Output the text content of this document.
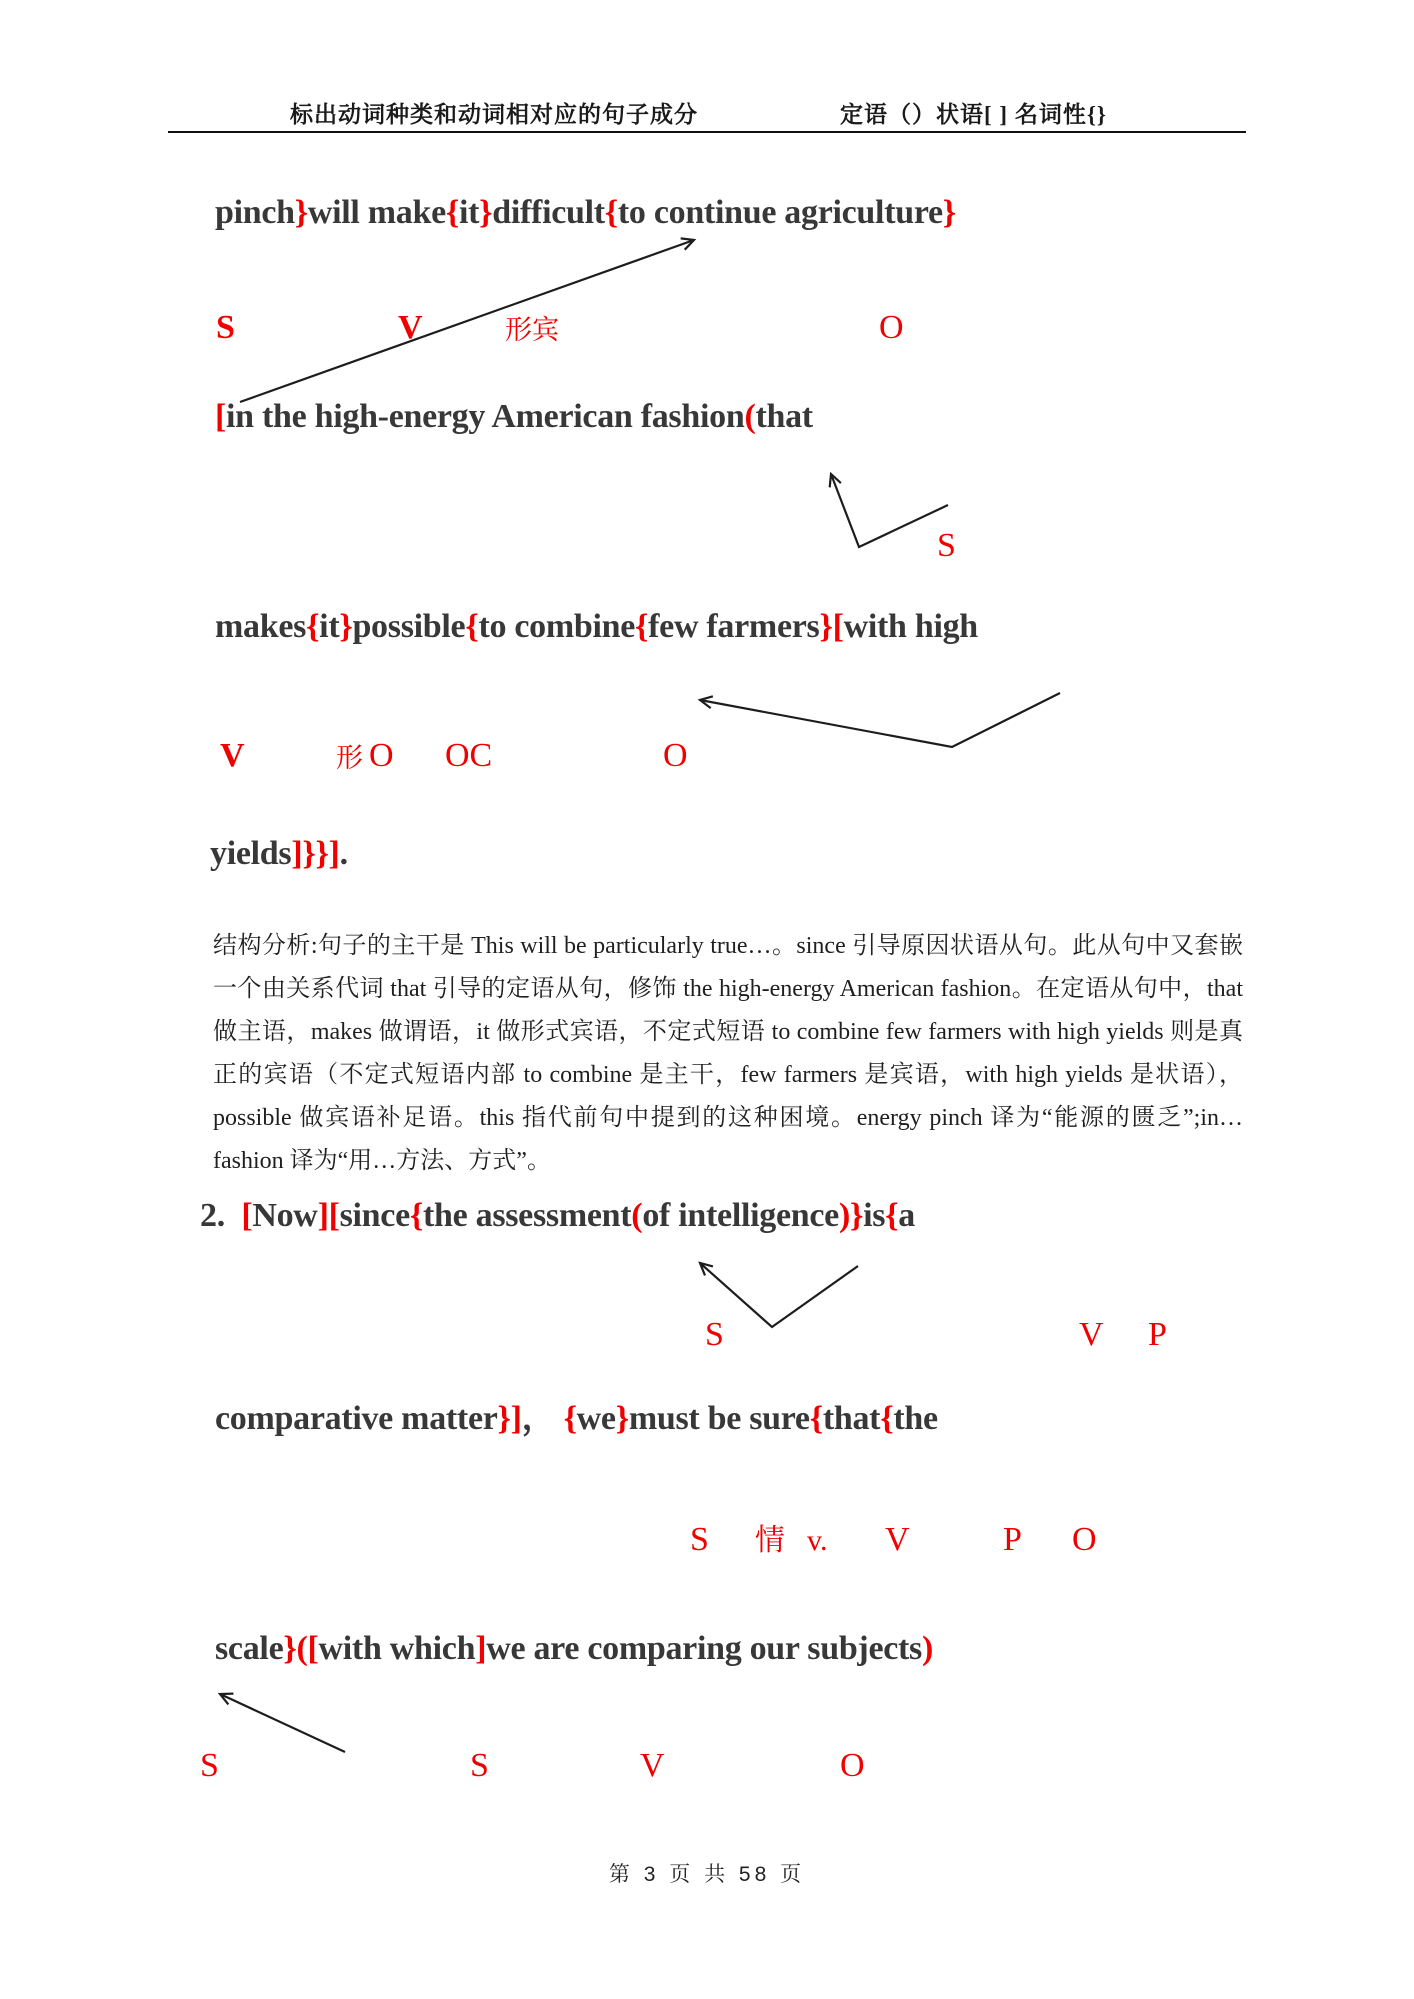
标出动词种类和动词相对应的句子成分	定语（）状语[ ] 名词性{}
pinch}will make{it}difficult{to continue agriculture}
S	V	形宾	O
[in the high-energy American fashion(that
S
makes{it}possible{to combine{few farmers}[with high
V	形 O OC	O
yields]}}].

结构分析:句子的主干是 This will be particularly true…。since 引导原因状语从句。此从句中又套嵌一个由关系代词 that 引导的定语从句，修饰 the high-energy American fashion。在定语从句中，that 做主语，makes 做谓语，it 做形式宾语，不定式短语 to combine few farmers with high yields 则是真正的宾语（不定式短语内部 to combine 是主干，few farmers 是宾语，with high yields 是状语），possible 做宾语补足语。this 指代前句中提到的这种困境。energy pinch 译为“能源的匮乏”;in…fashion 译为“用…方法、方式”。

2. [Now][since{the assessment(of intelligence)}is{a
S	V P
comparative matter}]， {we}must be sure{that{the
S 情 v. V	P O
scale}([with which]we are comparing our subjects)
S	S	V	O
第 3 页 共 58 页
